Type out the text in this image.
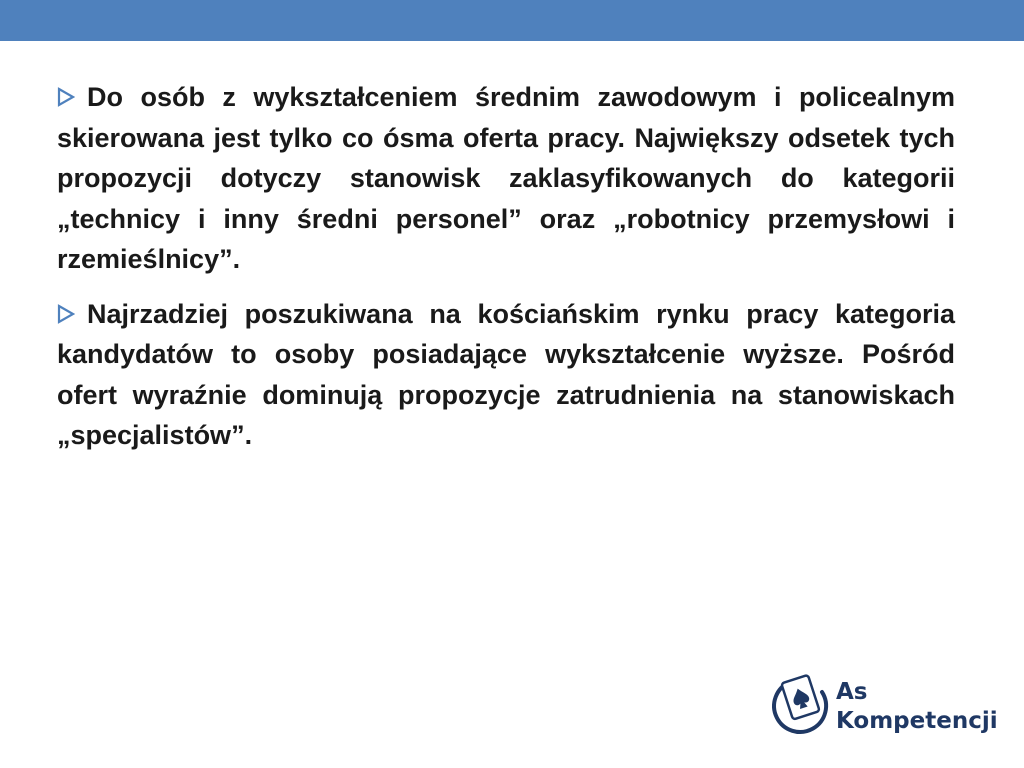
Do osób z wykształceniem średnim zawodowym i policealnym skierowana jest tylko co ósma oferta pracy. Największy odsetek tych propozycji dotyczy stanowisk zaklasyfikowanych do kategorii „technicy i inny średni personel” oraz „robotnicy przemysłowi i rzemieślnicy”.

Najrzadziej poszukiwana na kościańskim rynku pracy kategoria kandydatów to osoby posiadające wykształcenie wyższe. Pośród ofert wyraźnie dominują propozycje zatrudnienia na stanowiskach „specjalistów”.

As
Kompetencji
